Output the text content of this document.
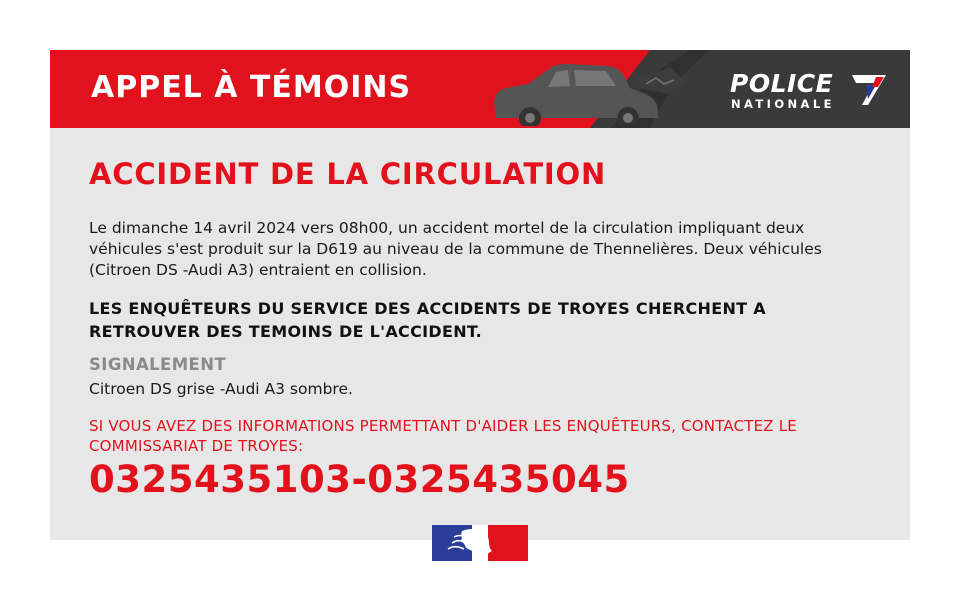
APPEL À TÉMOINS	POLICE
NATIONALE
ACCIDENT DE LA CIRCULATION
Le dimanche 14 avril 2024 vers 08h00, un accident mortel de la circulation impliquant deux véhicules s'est produit sur la D619 au niveau de la commune de Thennelières. Deux véhicules (Citroen DS -Audi A3) entraient en collision.
LES ENQUÊTEURS DU SERVICE DES ACCIDENTS DE TROYES CHERCHENT A RETROUVER DES TEMOINS DE L'ACCIDENT.
SIGNALEMENT
Citroen DS grise -Audi A3 sombre.
SI VOUS AVEZ DES INFORMATIONS PERMETTANT D'AIDER LES ENQUÊTEURS, CONTACTEZ LE COMMISSARIAT DE TROYES:
0325435103-0325435045
